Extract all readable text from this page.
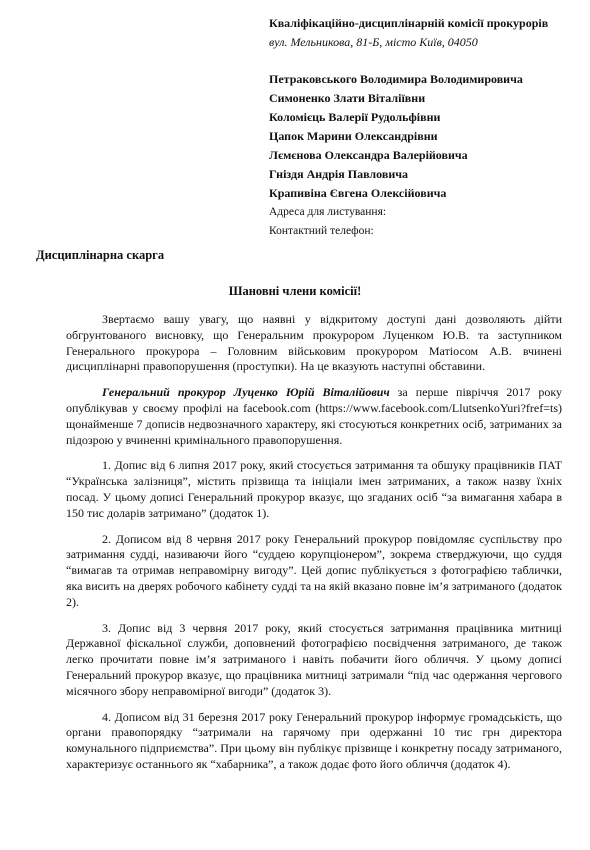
Кваліфікаційно-дисциплінарній комісії прокурорів
вул. Мельникова, 81-Б, місто Київ, 04050
Петраковського Володимира Володимировича
Симоненко Злати Віталіївни
Коломієць Валерії Рудольфівни
Цапок Марини Олександрівни
Лємєнова Олександра Валерійовича
Гніздя Андрія Павловича
Крапивіна Євгена Олексійовича
Адреса для листування:
Контактний телефон:
Дисциплінарна скарга
Шановні члени комісії!

Звертаємо вашу увагу, що наявні у відкритому доступі дані дозволяють дійти обгрунтованого висновку, що Генеральним прокурором Луценком Ю.В. та заступником Генерального прокурора – Головним військовим прокурором Матіосом А.В. вчинені дисциплінарні правопорушення (проступки). На це вказують наступні обставини.

Генеральний прокурор Луценко Юрій Віталійович за перше півріччя 2017 року опублікував у своєму профілі на facebook.com (https://www.facebook.com/LlutsenkoYuri?fref=ts) щонайменше 7 дописів недвозначного характеру, які стосуються конкретних осіб, затриманих за підозрою у вчиненні кримінального правопорушення.

1. Допис від 6 липня 2017 року, який стосується затримання та обшуку працівників ПАТ “Українська залізниця”, містить прізвища та ініціали імен затриманих, а також назву їхніх посад. У цьому дописі Генеральний прокурор вказує, що згаданих осіб “за вимагання хабара в 150 тис доларів затримано” (додаток 1).

2. Дописом від 8 червня 2017 року Генеральний прокурор повідомляє суспільству про затримання судді, називаючи його “суддею корупціонером”, зокрема стверджуючи, що суддя “вимагав та отримав неправомірну вигоду”. Цей допис публікується з фотографією таблички, яка висить на дверях робочого кабінету судді та на якій вказано повне ім’я затриманого (додаток 2).

3. Допис від 3 червня 2017 року, який стосується затримання працівника митниці Державної фіскальної служби, доповнений фотографією посвідчення затриманого, де також легко прочитати повне ім’я затриманого і навіть побачити його обличчя. У цьому дописі Генеральний прокурор вказує, що працівника митниці затримали “під час одержання чергового місячного збору неправомірної вигоди” (додаток 3).

4. Дописом від 31 березня 2017 року Генеральний прокурор інформує громадськість, що органи правопорядку “затримали на гарячому при одержанні 10 тис грн директора комунального підприємства”. При цьому він публікує прізвище і конкретну посаду затриманого, характеризує останнього як “хабарника”, а також додає фото його обличчя (додаток 4).
